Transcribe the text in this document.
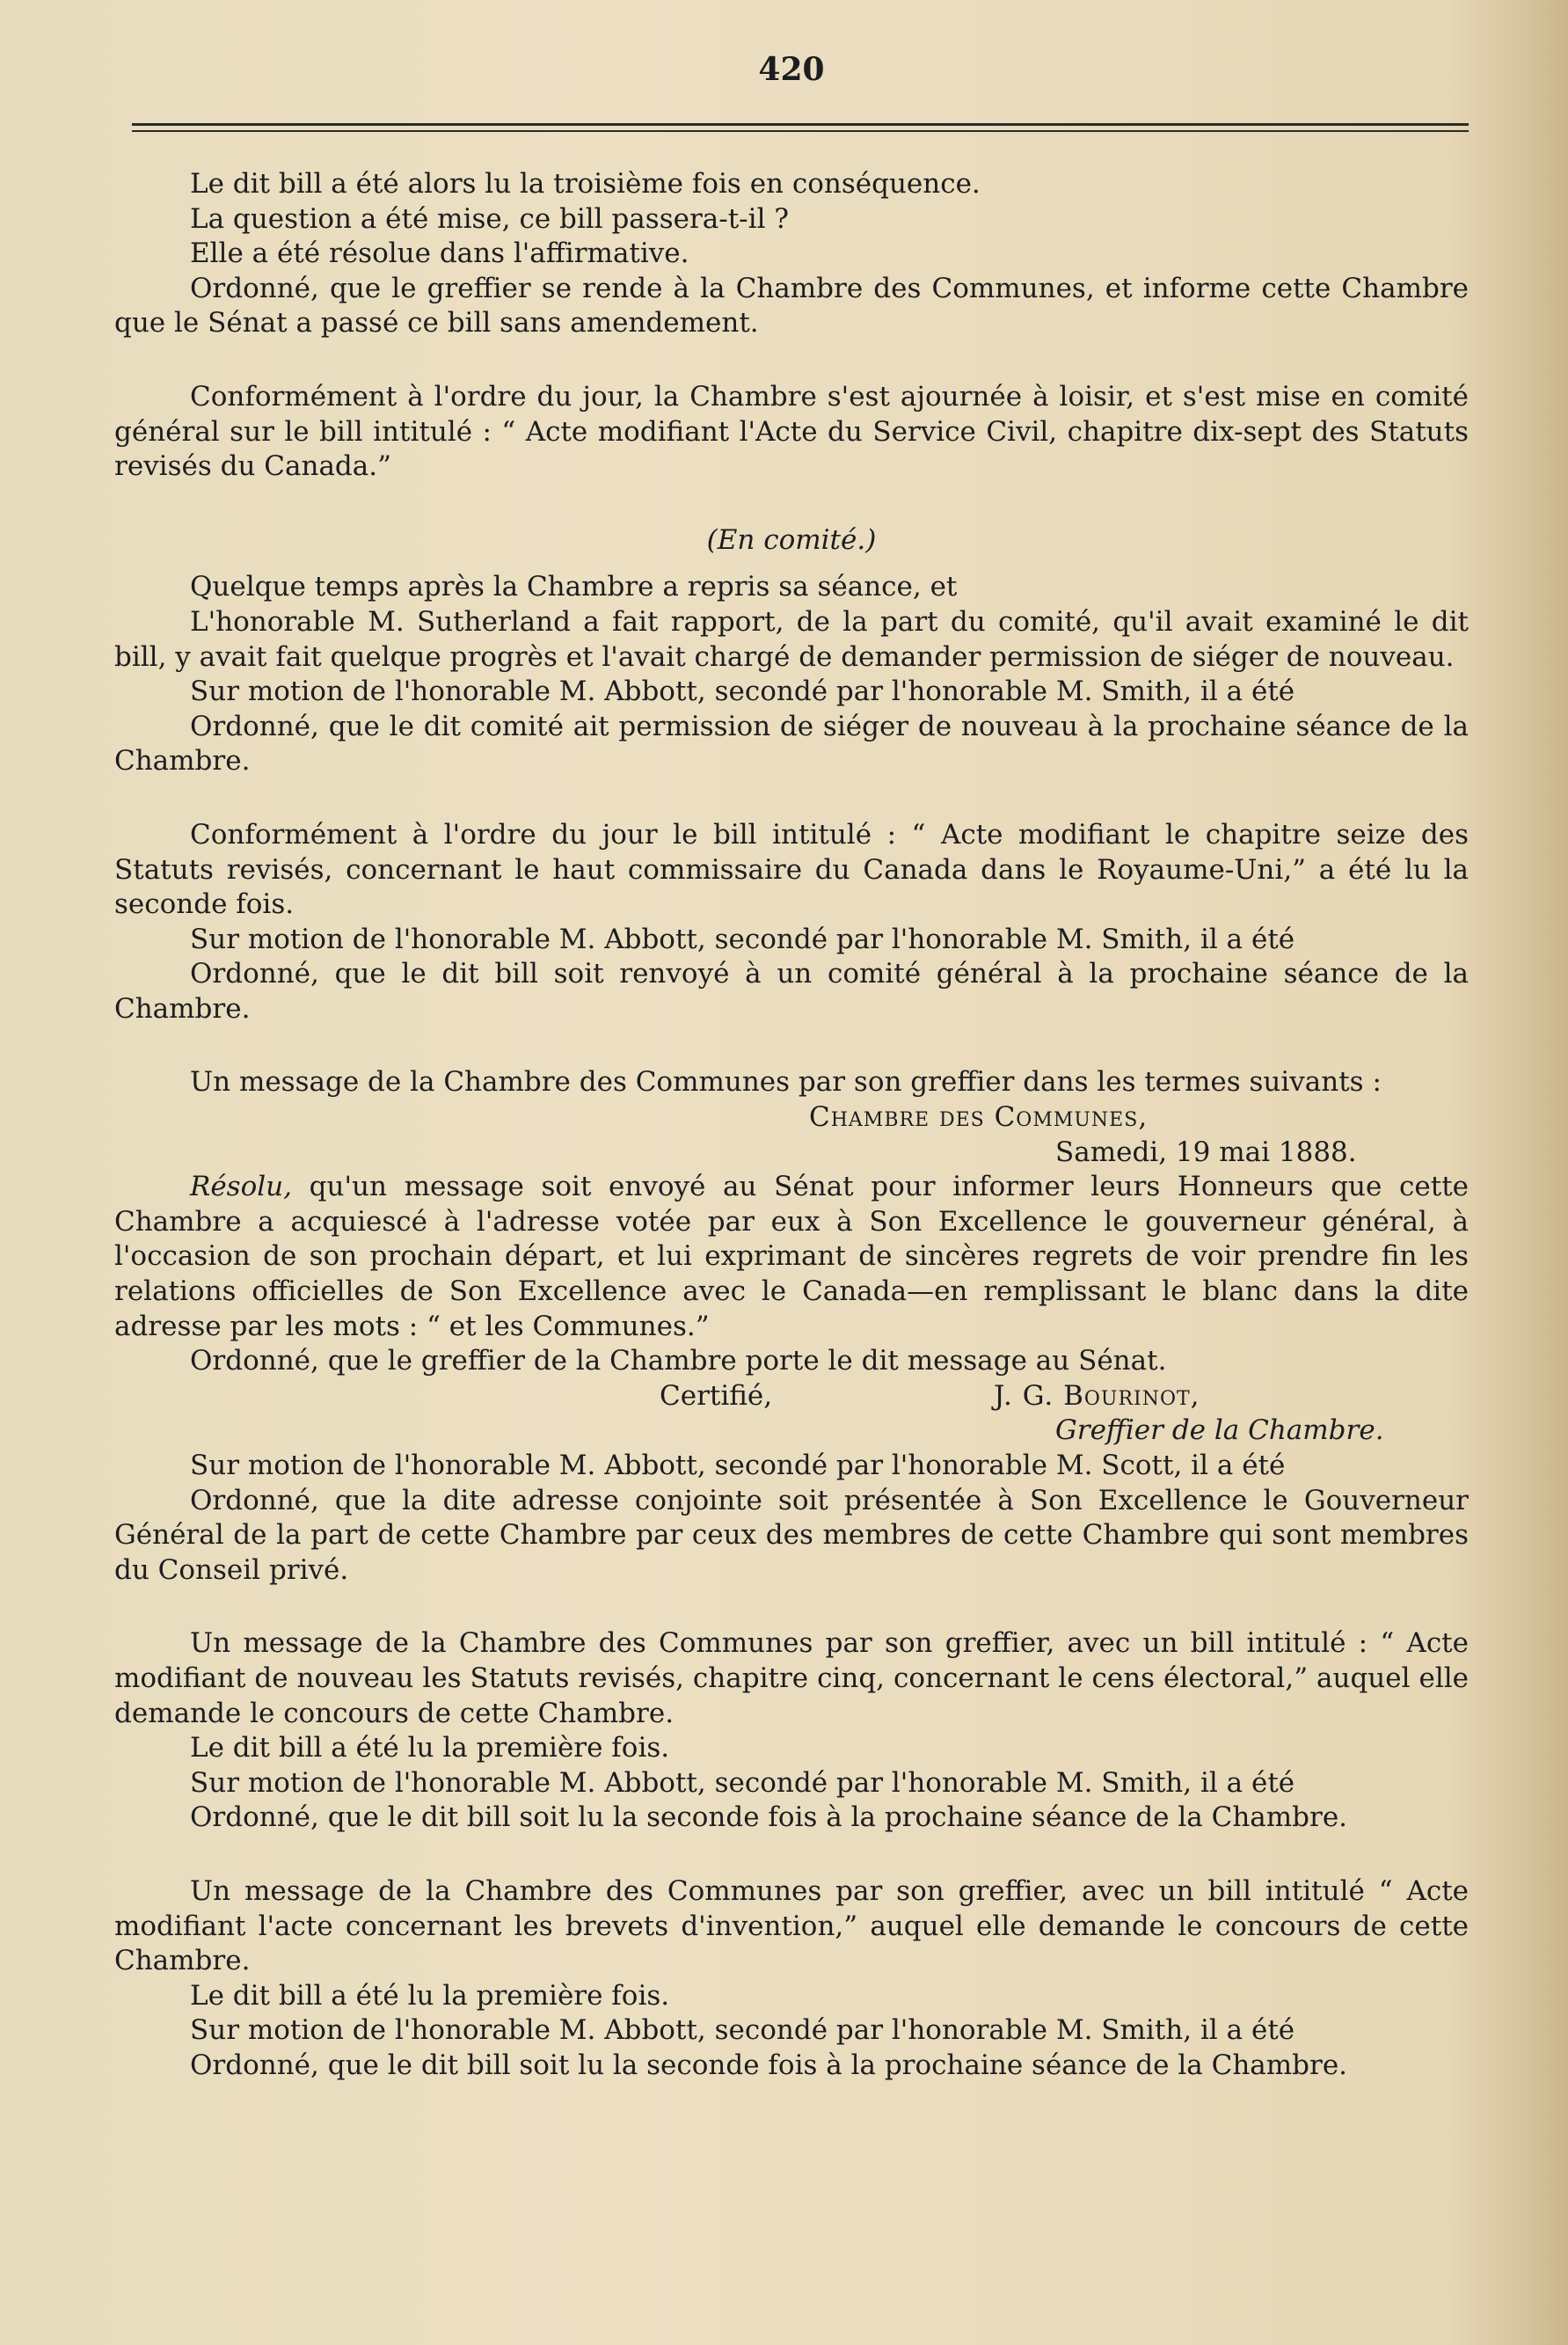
420

Le dit bill a été alors lu la troisième fois en conséquence.

La question a été mise, ce bill passera-t-il ?

Elle a été résolue dans l'affirmative.

Ordonné, que le greffier se rende à la Chambre des Communes, et informe cette Chambre que le Sénat a passé ce bill sans amendement.

Conformément à l'ordre du jour, la Chambre s'est ajournée à loisir, et s'est mise en comité général sur le bill intitulé : “ Acte modifiant l'Acte du Service Civil, chapitre dix-sept des Statuts revisés du Canada.”

(En comité.)

Quelque temps après la Chambre a repris sa séance, et

L'honorable M. Sutherland a fait rapport, de la part du comité, qu'il avait examiné le dit bill, y avait fait quelque progrès et l'avait chargé de demander permission de siéger de nouveau.

Sur motion de l'honorable M. Abbott, secondé par l'honorable M. Smith, il a été

Ordonné, que le dit comité ait permission de siéger de nouveau à la prochaine séance de la Chambre.

Conformément à l'ordre du jour le bill intitulé : “ Acte modifiant le chapitre seize des Statuts revisés, concernant le haut commissaire du Canada dans le Royaume-Uni,” a été lu la seconde fois.

Sur motion de l'honorable M. Abbott, secondé par l'honorable M. Smith, il a été

Ordonné, que le dit bill soit renvoyé à un comité général à la prochaine séance de la Chambre.

Un message de la Chambre des Communes par son greffier dans les termes suivants :

Chambre des Communes,

Samedi, 19 mai 1888.

Résolu, qu'un message soit envoyé au Sénat pour informer leurs Honneurs que cette Chambre a acquiescé à l'adresse votée par eux à Son Excellence le gouverneur général, à l'occasion de son prochain départ, et lui exprimant de sincères regrets de voir prendre fin les relations officielles de Son Excellence avec le Canada—en remplissant le blanc dans la dite adresse par les mots : “ et les Communes.”

Ordonné, que le greffier de la Chambre porte le dit message au Sénat.

Certifié,	J. G. Bourinot,
Greffier de la Chambre.

Sur motion de l'honorable M. Abbott, secondé par l'honorable M. Scott, il a été

Ordonné, que la dite adresse conjointe soit présentée à Son Excellence le Gouverneur Général de la part de cette Chambre par ceux des membres de cette Chambre qui sont membres du Conseil privé.

Un message de la Chambre des Communes par son greffier, avec un bill intitulé : “ Acte modifiant de nouveau les Statuts revisés, chapitre cinq, concernant le cens électoral,” auquel elle demande le concours de cette Chambre.

Le dit bill a été lu la première fois.

Sur motion de l'honorable M. Abbott, secondé par l'honorable M. Smith, il a été

Ordonné, que le dit bill soit lu la seconde fois à la prochaine séance de la Chambre.

Un message de la Chambre des Communes par son greffier, avec un bill intitulé “ Acte modifiant l'acte concernant les brevets d'invention,” auquel elle demande le concours de cette Chambre.

Le dit bill a été lu la première fois.

Sur motion de l'honorable M. Abbott, secondé par l'honorable M. Smith, il a été

Ordonné, que le dit bill soit lu la seconde fois à la prochaine séance de la Chambre.
